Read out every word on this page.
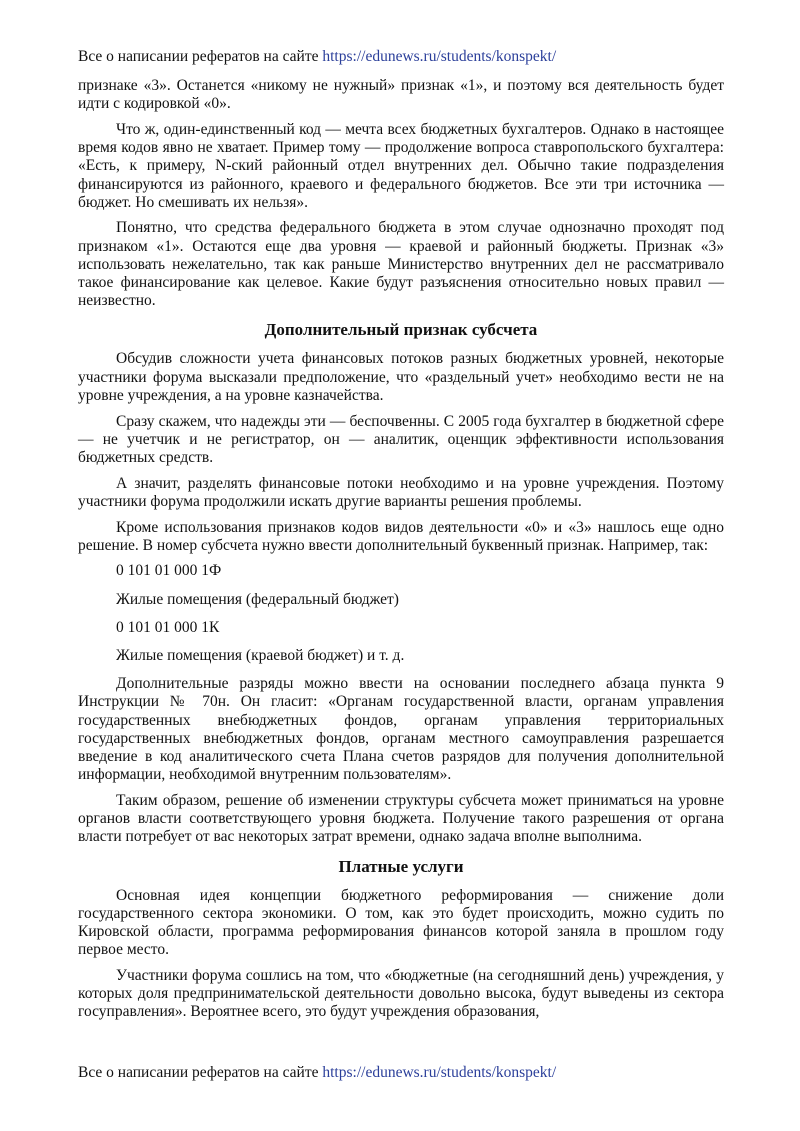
Все о написании рефератов на сайте https://edunews.ru/students/konspekt/

признаке «3». Останется «никому не нужный» признак «1», и поэтому вся деятельность будет идти с кодировкой «0».

Что ж, один-единственный код — мечта всех бюджетных бухгалтеров. Однако в настоящее время кодов явно не хватает. Пример тому — продолжение вопроса ставропольского бухгалтера: «Есть, к примеру, N-ский районный отдел внутренних дел. Обычно такие подразделения финансируются из районного, краевого и федерального бюджетов. Все эти три источника — бюджет. Но смешивать их нельзя».

Понятно, что средства федерального бюджета в этом случае однозначно проходят под признаком «1». Остаются еще два уровня — краевой и районный бюджеты. Признак «3» использовать нежелательно, так как раньше Министерство внутренних дел не рассматривало такое финансирование как целевое. Какие будут разъяснения относительно новых правил — неизвестно.

Дополнительный признак субсчета

Обсудив сложности учета финансовых потоков разных бюджетных уровней, некоторые участники форума высказали предположение, что «раздельный учет» необходимо вести не на уровне учреждения, а на уровне казначейства.

Сразу скажем, что надежды эти — беспочвенны. С 2005 года бухгалтер в бюджетной сфере — не учетчик и не регистратор, он — аналитик, оценщик эффективности использования бюджетных средств.

А значит, разделять финансовые потоки необходимо и на уровне учреждения. Поэтому участники форума продолжили искать другие варианты решения проблемы.

Кроме использования признаков кодов видов деятельности «0» и «3» нашлось еще одно решение. В номер субсчета нужно ввести дополнительный буквенный признак. Например, так:

0 101 01 000 1Ф

Жилые помещения (федеральный бюджет)

0 101 01 000 1К

Жилые помещения (краевой бюджет) и т. д.

Дополнительные разряды можно ввести на основании последнего абзаца пункта 9 Инструкции № 70н. Он гласит: «Органам государственной власти, органам управления государственных внебюджетных фондов, органам управления территориальных государственных внебюджетных фондов, органам местного самоуправления разрешается введение в код аналитического счета Плана счетов разрядов для получения дополнительной информации, необходимой внутренним пользователям».

Таким образом, решение об изменении структуры субсчета может приниматься на уровне органов власти соответствующего уровня бюджета. Получение такого разрешения от органа власти потребует от вас некоторых затрат времени, однако задача вполне выполнима.

Платные услуги

Основная идея концепции бюджетного реформирования — снижение доли государственного сектора экономики. О том, как это будет происходить, можно судить по Кировской области, программа реформирования финансов которой заняла в прошлом году первое место.

Участники форума сошлись на том, что «бюджетные (на сегодняшний день) учреждения, у которых доля предпринимательской деятельности довольно высока, будут выведены из сектора госуправления». Вероятнее всего, это будут учреждения образования,

Все о написании рефератов на сайте https://edunews.ru/students/konspekt/
